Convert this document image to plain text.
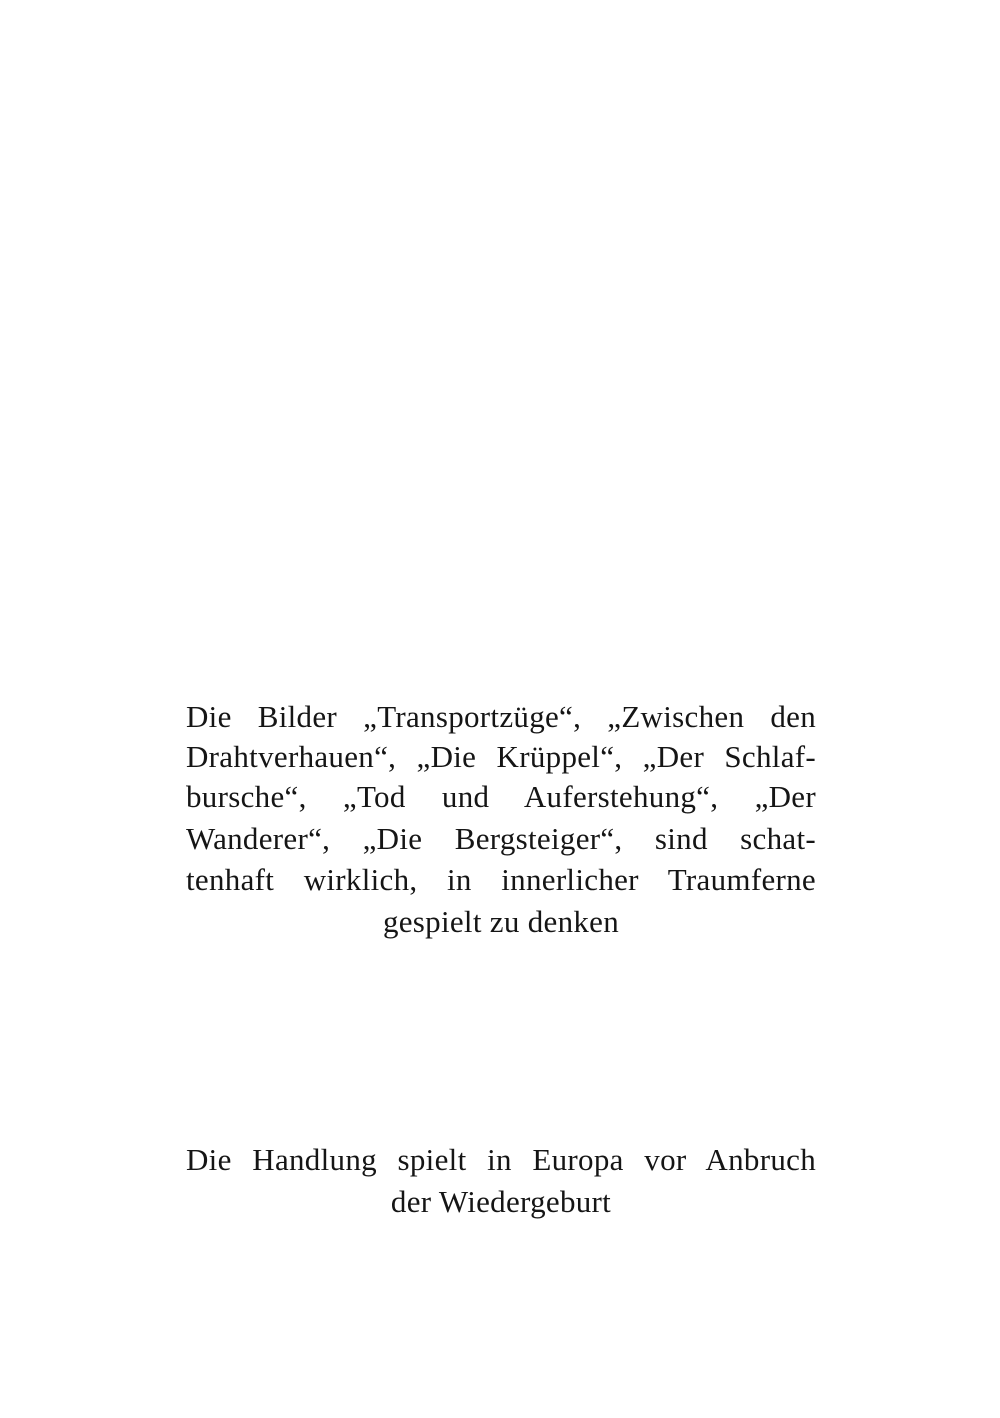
Die Bilder „Transportzüge“, „Zwischen den
Drahtverhauen“, „Die Krüppel“, „Der Schlaf-
bursche“, „Tod und Auferstehung“, „Der
Wanderer“, „Die Bergsteiger“, sind schat-
tenhaft wirklich, in innerlicher Traumferne
gespielt zu denken
Die Handlung spielt in Europa vor Anbruch
der Wiedergeburt
